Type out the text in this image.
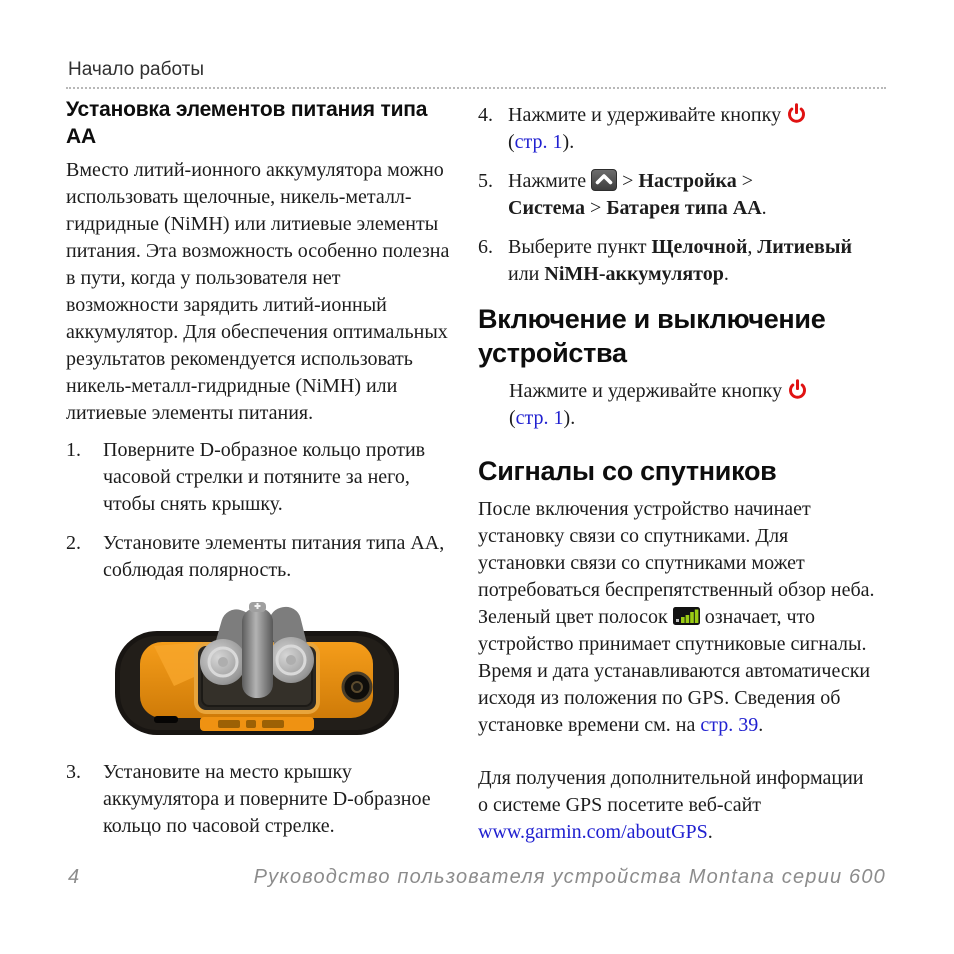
Начало работы
Установка элементов питания типа AA

Вместо литий-ионного аккумулятора можно использовать щелочные, никель-металл-гидридные (NiMH) или литиевые элементы питания. Эта возможность особенно полезна в пути, когда у пользователя нет возможности зарядить литий-ионный аккумулятор. Для обеспечения оптимальных результатов рекомендуется использовать никель-металл-гидридные (NiMH) или литиевые элементы питания.

1.	Поверните D-образное кольцо против часовой стрелки и потяните за него, чтобы снять крышку.
2.	Установите элементы питания типа AA, соблюдая полярность.
3.	Установите на место крышку аккумулятора и поверните D-образное кольцо по часовой стрелке.
4. Нажмите и удерживайте кнопку
(стр. 1).
5. Нажмите  > Настройка > Система > Батарея типа AA.
6. Выберите пункт Щелочной, Литиевый или NiMH-аккумулятор.
Включение и выключение устройства

Нажмите и удерживайте кнопку
(стр. 1).

Сигналы со спутников

После включения устройство начинает установку связи со спутниками. Для установки связи со спутниками может потребоваться беспрепятственный обзор неба. Зеленый цвет полосок  означает, что устройство принимает спутниковые сигналы. Время и дата устанавливаются автоматически исходя из положения по GPS. Сведения об установке времени см. на стр. 39.

Для получения дополнительной информации о системе GPS посетите веб-сайт www.garmin.com/aboutGPS.

4	Руководство пользователя устройства Montana серии 600
